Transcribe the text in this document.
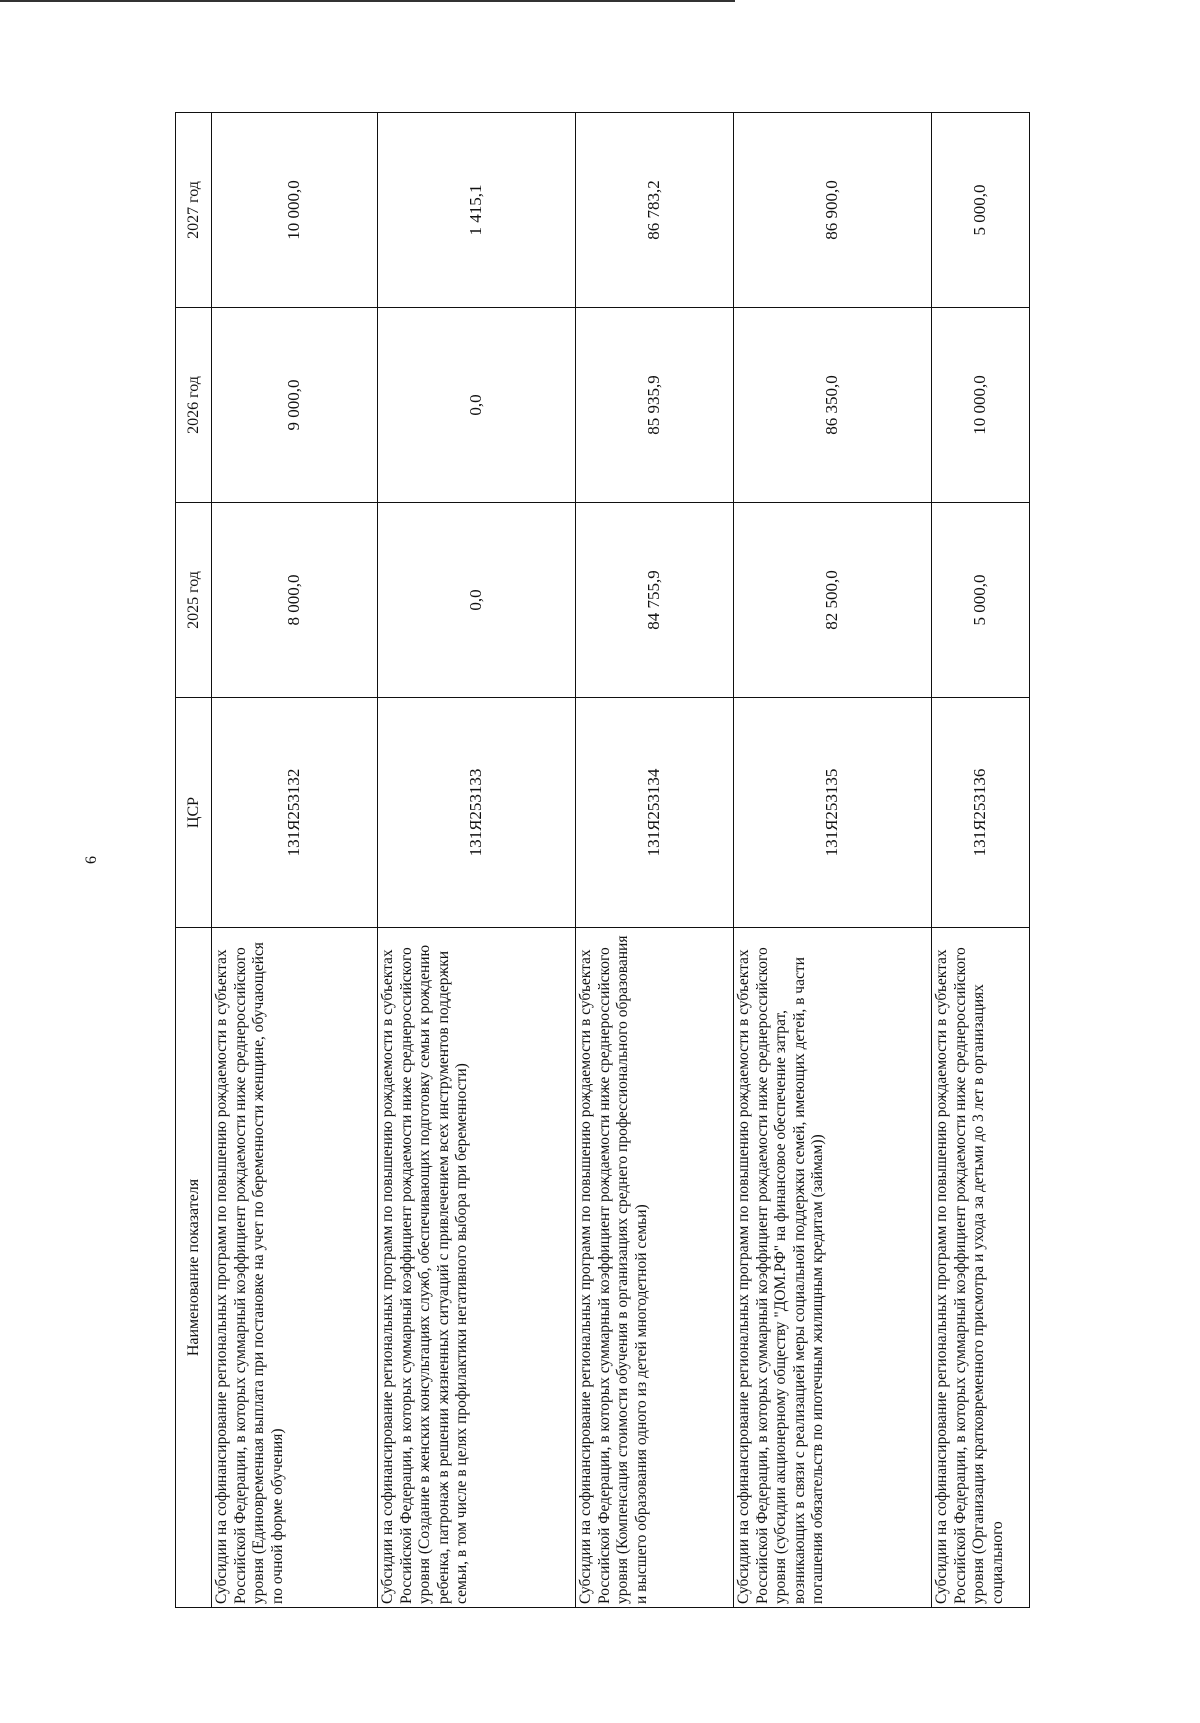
6
Наименование показателя	ЦСР	2025 год	2026 год	2027 год
Субсидии на софинансирование региональных программ по повышению рождаемости в субъектах Российской Федерации, в которых суммарный коэффициент рождаемости ниже среднероссийского уровня (Единовременная выплата при постановке на учет по беременности женщине, обучающейся по очной форме обучения)	131Я253132	8 000,0	9 000,0	10 000,0
Субсидии на софинансирование региональных программ по повышению рождаемости в субъектах Российской Федерации, в которых суммарный коэффициент рождаемости ниже среднероссийского уровня (Создание в женских консультациях служб, обеспечивающих подготовку семьи к рождению ребенка, патронаж в решении жизненных ситуаций с привлечением всех инструментов поддержки семьи, в том числе в целях профилактики негативного выбора при беременности)	131Я253133	0,0	0,0	1 415,1
Субсидии на софинансирование региональных программ по повышению рождаемости в субъектах Российской Федерации, в которых суммарный коэффициент рождаемости ниже среднероссийского уровня (Компенсация стоимости обучения в организациях среднего профессионального образования и высшего образования одного из детей многодетной семьи)	131Я253134	84 755,9	85 935,9	86 783,2
Субсидии на софинансирование региональных программ по повышению рождаемости в субъектах Российской Федерации, в которых суммарный коэффициент рождаемости ниже среднероссийского уровня (субсидии акционерному обществу "ДОМ.РФ" на финансовое обеспечение затрат, возникающих в связи с реализацией меры социальной поддержки семей, имеющих детей, в части погашения обязательств по ипотечным жилищным кредитам (займам))	131Я253135	82 500,0	86 350,0	86 900,0
Субсидии на софинансирование региональных программ по повышению рождаемости в субъектах Российской Федерации, в которых суммарный коэффициент рождаемости ниже среднероссийского уровня (Организация кратковременного присмотра и ухода за детьми до 3 лет в организациях социального	131Я253136	5 000,0	10 000,0	5 000,0
